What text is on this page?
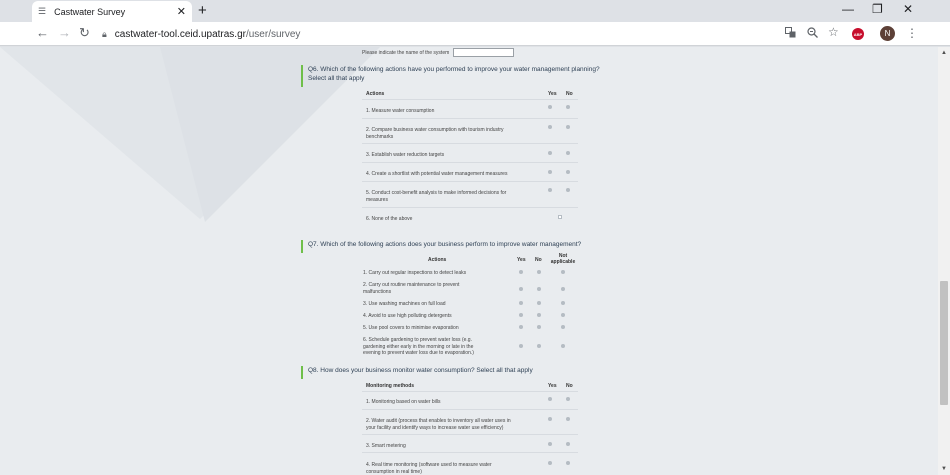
☰ Castwater Survey	✕ +	— ❐ ✕
← → ↻ 🔒︎ castwater-tool.ceid.upatras.gr/user/survey	☆	ABP	N	⋮
Please indicate the name of the system
Q6. Which of the following actions have you performed to improve your water management planning?
Select all that apply
Actions	Yes No
1. Measure water consumption
2. Compare business water consumption with tourism industry
benchmarks
3. Establish water reduction targets
4. Create a shortlist with potential water management measures
5. Conduct cost-benefit analysis to make informed decisions for
measures
6. None of the above
Q7. Which of the following actions does your business perform to improve water management?
Actions	Yes No
Not
applicable
1. Carry out regular inspections to detect leaks
2. Carry out routine maintenance to prevent
malfunctions
3. Use washing machines on full load
4. Avoid to use high polluting detergents
5. Use pool covers to minimise evaporation
6. Schedule gardening to prevent water loss (e.g.
gardening either early in the morning or late in the
evening to prevent water loss due to evaporation.)
Q8. How does your business monitor water consumption? Select all that apply
Monitoring methods	Yes No
1. Monitoring based on water bills
2. Water audit (process that enables to inventory all water uses in
your facility and identify ways to increase water use efficiency)
3. Smart metering
4. Real time monitoring (software used to measure water
consumption in real time)
▲
▼
